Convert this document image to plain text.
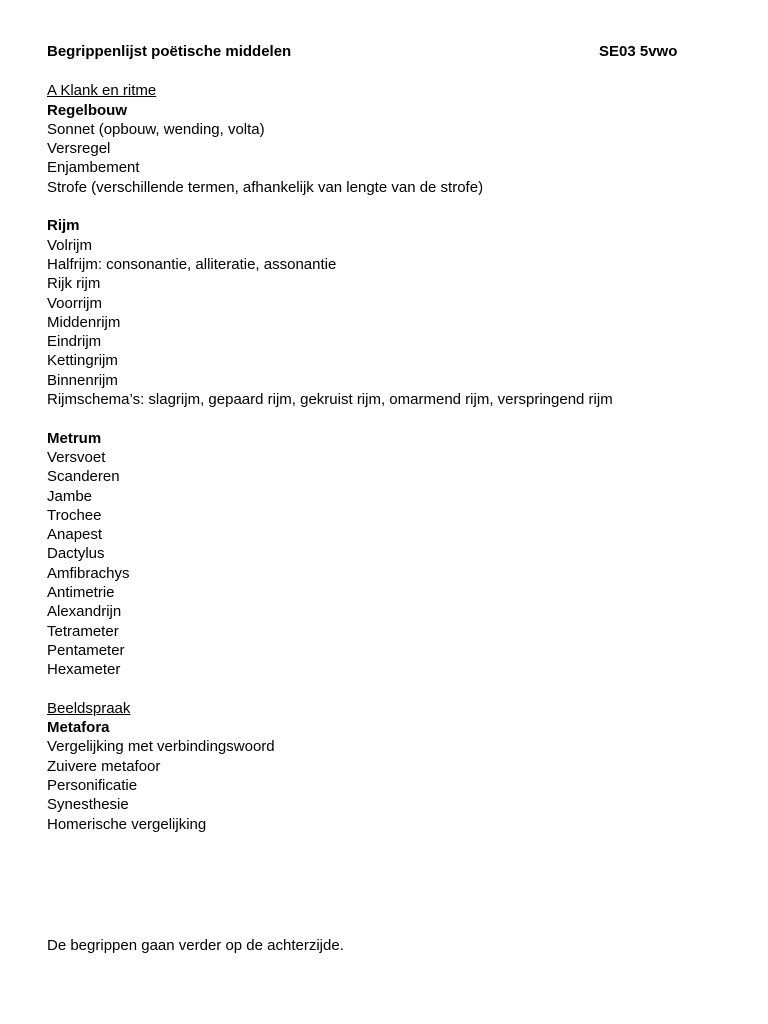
Begrippenlijst poëtische middelen	SE03 5vwo
A Klank en ritme
Regelbouw
Sonnet (opbouw, wending, volta)
Versregel
Enjambement
Strofe (verschillende termen, afhankelijk van lengte van de strofe)
Rijm
Volrijm
Halfrijm: consonantie, alliteratie, assonantie
Rijk rijm
Voorrijm
Middenrijm
Eindrijm
Kettingrijm
Binnenrijm
Rijmschema’s: slagrijm, gepaard rijm, gekruist rijm, omarmend rijm, verspringend rijm
Metrum
Versvoet
Scanderen
Jambe
Trochee
Anapest
Dactylus
Amfibrachys
Antimetrie
Alexandrijn
Tetrameter
Pentameter
Hexameter
Beeldspraak
Metafora
Vergelijking met verbindingswoord
Zuivere metafoor
Personificatie
Synesthesie
Homerische vergelijking
De begrippen gaan verder op de achterzijde.
